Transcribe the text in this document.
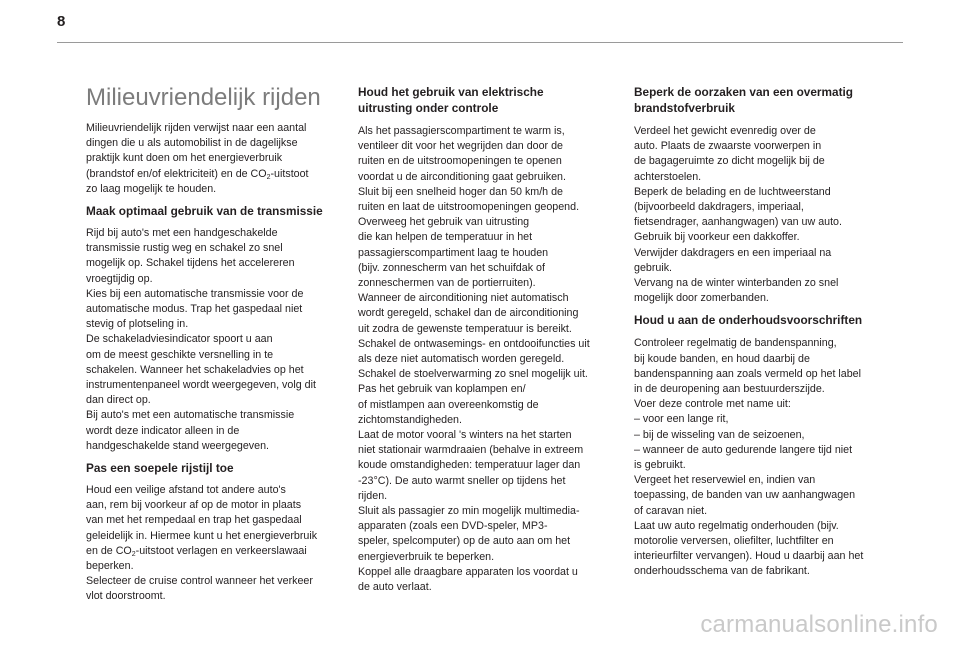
8
Milieuvriendelijk rijden

Milieuvriendelijk rijden verwijst naar een aantal
dingen die u als automobilist in de dagelijkse
praktijk kunt doen om het energieverbruik
(brandstof en/of elektriciteit) en de $CO_2$-uitstoot
zo laag mogelijk te houden.

Maak optimaal gebruik van de transmissie

Rijd bij auto's met een handgeschakelde
transmissie rustig weg en schakel zo snel
mogelijk op. Schakel tijdens het accelereren
vroegtijdig op.
Kies bij een automatische transmissie voor de
automatische modus. Trap het gaspedaal niet
stevig of plotseling in.
De schakeladviesindicator spoort u aan
om de meest geschikte versnelling in te
schakelen. Wanneer het schakeladvies op het
instrumentenpaneel wordt weergegeven, volg dit
dan direct op.
Bij auto's met een automatische transmissie
wordt deze indicator alleen in de
handgeschakelde stand weergegeven.

Pas een soepele rijstijl toe

Houd een veilige afstand tot andere auto's
aan, rem bij voorkeur af op de motor in plaats
van met het rempedaal en trap het gaspedaal
geleidelijk in. Hiermee kunt u het energieverbruik
en de $CO_2$-uitstoot verlagen en verkeerslawaai
beperken.
Selecteer de cruise control wanneer het verkeer
vlot doorstroomt.

Houd het gebruik van elektrische
uitrusting onder controle

Als het passagierscompartiment te warm is,
ventileer dit voor het wegrijden dan door de
ruiten en de uitstroomopeningen te openen
voordat u de airconditioning gaat gebruiken.
Sluit bij een snelheid hoger dan 50 km/h de
ruiten en laat de uitstroomopeningen geopend.
Overweeg het gebruik van uitrusting
die kan helpen de temperatuur in het
passagierscompartiment laag te houden
(bijv. zonnescherm van het schuifdak of
zonneschermen van de portierruiten).
Wanneer de airconditioning niet automatisch
wordt geregeld, schakel dan de airconditioning
uit zodra de gewenste temperatuur is bereikt.
Schakel de ontwasemings- en ontdooifuncties uit
als deze niet automatisch worden geregeld.
Schakel de stoelverwarming zo snel mogelijk uit.
Pas het gebruik van koplampen en/
of mistlampen aan overeenkomstig de
zichtomstandigheden.
Laat de motor vooral 's winters na het starten
niet stationair warmdraaien (behalve in extreem
koude omstandigheden: temperatuur lager dan
-23°C). De auto warmt sneller op tijdens het
rijden.
Sluit als passagier zo min mogelijk multimedia-
apparaten (zoals een DVD-speler, MP3-
speler, spelcomputer) op de auto aan om het
energieverbruik te beperken.
Koppel alle draagbare apparaten los voordat u
de auto verlaat.

Beperk de oorzaken van een overmatig
brandstofverbruik

Verdeel het gewicht evenredig over de
auto. Plaats de zwaarste voorwerpen in
de bagageruimte zo dicht mogelijk bij de
achterstoelen.
Beperk de belading en de luchtweerstand
(bijvoorbeeld dakdragers, imperiaal,
fietsendrager, aanhangwagen) van uw auto.
Gebruik bij voorkeur een dakkoffer.
Verwijder dakdragers en een imperiaal na
gebruik.
Vervang na de winter winterbanden zo snel
mogelijk door zomerbanden.

Houd u aan de onderhoudsvoorschriften

Controleer regelmatig de bandenspanning,
bij koude banden, en houd daarbij de
bandenspanning aan zoals vermeld op het label
in de deuropening aan bestuurderszijde.
Voer deze controle met name uit:
– voor een lange rit,
– bij de wisseling van de seizoenen,
– wanneer de auto gedurende langere tijd niet
is gebruikt.
Vergeet het reservewiel en, indien van
toepassing, de banden van uw aanhangwagen
of caravan niet.
Laat uw auto regelmatig onderhouden (bijv.
motorolie verversen, oliefilter, luchtfilter en
interieurfilter vervangen). Houd u daarbij aan het
onderhoudsschema van de fabrikant.

carmanualsonline.info
